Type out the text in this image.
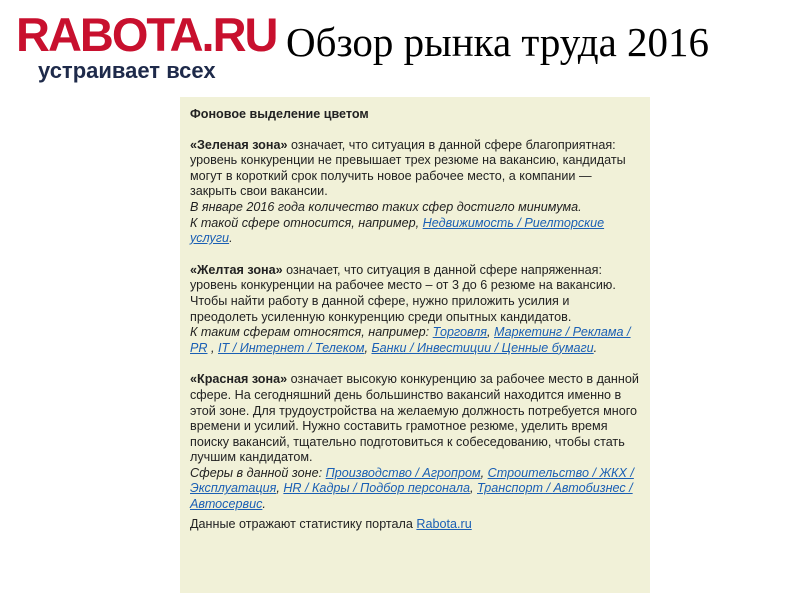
RABOTA.RU
устраивает всех
Обзор рынка труда 2016

Фоновое выделение цветом

«Зеленая зона» означает, что ситуация в данной сфере благоприятная: уровень конкуренции не превышает трех резюме на вакансию, кандидаты могут в короткий срок получить новое рабочее место, а компании — закрыть свои вакансии.

В январе 2016 года количество таких сфер достигло минимума.

К такой сфере относится, например, Недвижимость / Риелторские услуги.

«Желтая зона» означает, что ситуация в данной сфере напряженная: уровень конкуренции на рабочее место – от 3 до 6 резюме на вакансию. Чтобы найти работу в данной сфере, нужно приложить усилия и преодолеть усиленную конкуренцию среди опытных кандидатов.

К таким сферам относятся, например: Торговля, Маркетинг / Реклама / PR , IT / Интернет / Телеком, Банки / Инвестиции / Ценные бумаги.

«Красная зона» означает высокую конкуренцию за рабочее место в данной сфере. На сегодняшний день большинство вакансий находится именно в этой зоне. Для трудоустройства на желаемую должность потребуется много времени и усилий. Нужно составить грамотное резюме, уделить время поиску вакансий, тщательно подготовиться к собеседованию, чтобы стать лучшим кандидатом.

Сферы в данной зоне: Производство / Агропром, Строительство / ЖКХ / Эксплуатация, HR / Кадры / Подбор персонала, Транспорт / Автобизнес / Автосервис.

Данные отражают статистику портала Rabota.ru
